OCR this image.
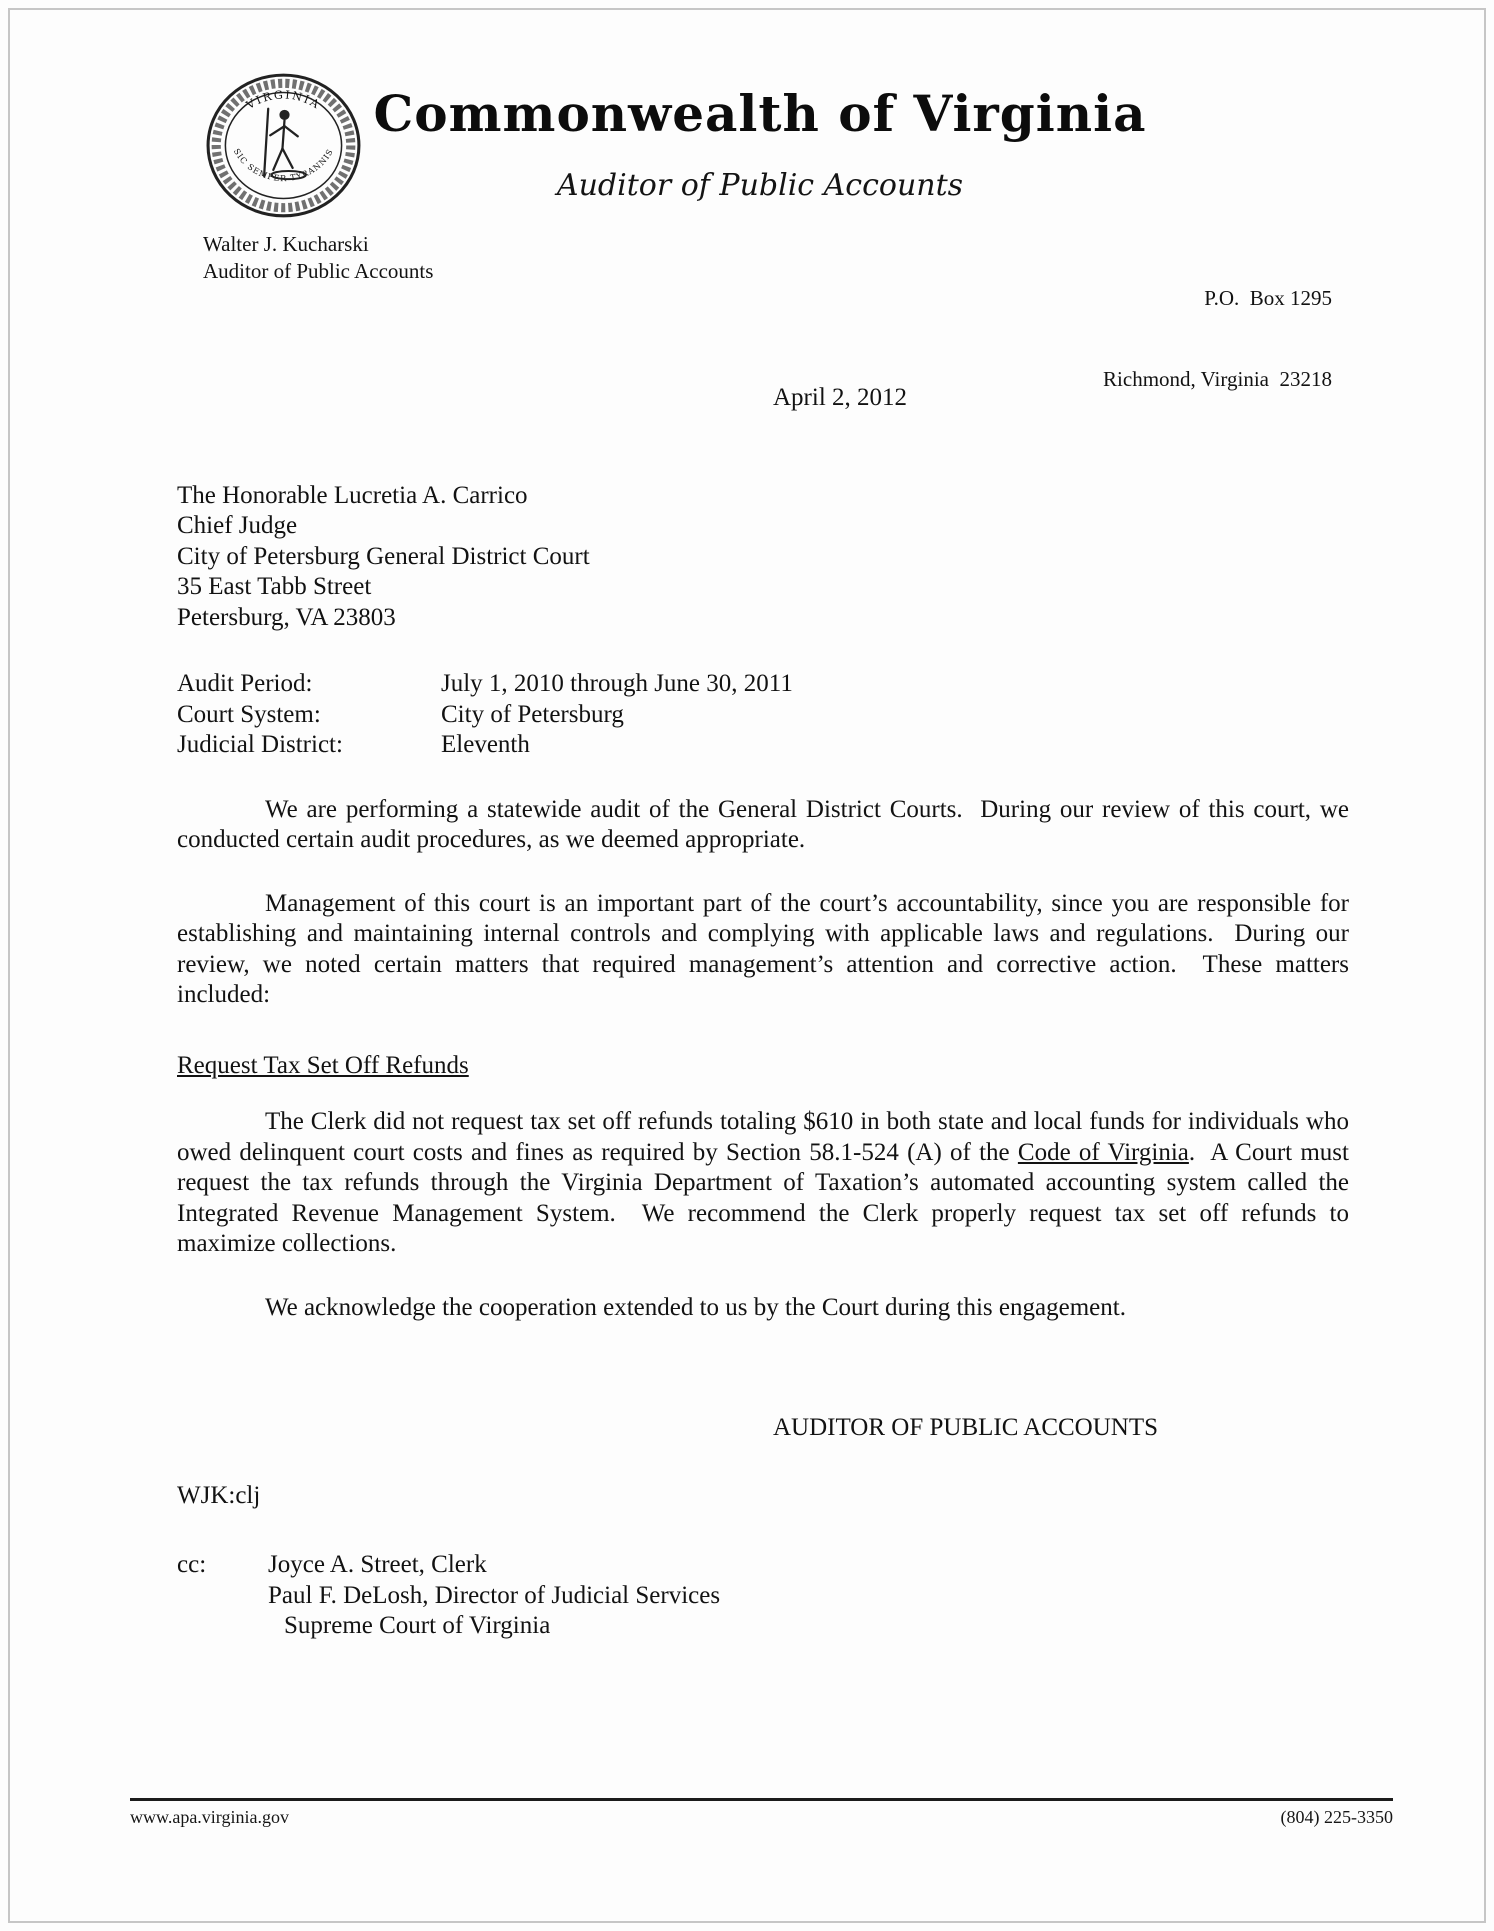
VIRGINIA
SIC SEMPER TYRANNIS
Commonwealth of Virginia
Auditor of Public Accounts
Walter J. Kucharski
Auditor of Public Accounts

P.O.  Box 1295

Richmond, Virginia  23218

April 2, 2012
The Honorable Lucretia A. Carrico
Chief Judge
City of Petersburg General District Court
35 East Tabb Street
Petersburg, VA 23803
Audit Period:	July 1, 2010 through June 30, 2011
Court System:	City of Petersburg
Judicial District:	Eleventh
We are performing a statewide audit of the General District Courts.  During our review of this court, we conducted certain audit procedures, as we deemed appropriate.
Management of this court is an important part of the court’s accountability, since you are responsible for establishing and maintaining internal controls and complying with applicable laws and regulations.  During our review, we noted certain matters that required management’s attention and corrective action.  These matters included:
Request Tax Set Off Refunds
The Clerk did not request tax set off refunds totaling $610 in both state and local funds for individuals who owed delinquent court costs and fines as required by Section 58.1-524 (A) of the Code of Virginia.  A Court must request the tax refunds through the Virginia Department of Taxation’s automated accounting system called the Integrated Revenue Management System.  We recommend the Clerk properly request tax set off refunds to maximize collections.
We acknowledge the cooperation extended to us by the Court during this engagement.
AUDITOR OF PUBLIC ACCOUNTS
WJK:clj
cc:	Joyce A. Street, Clerk
Paul F. DeLosh, Director of Judicial Services
Supreme Court of Virginia
www.apa.virginia.gov	(804) 225-3350
